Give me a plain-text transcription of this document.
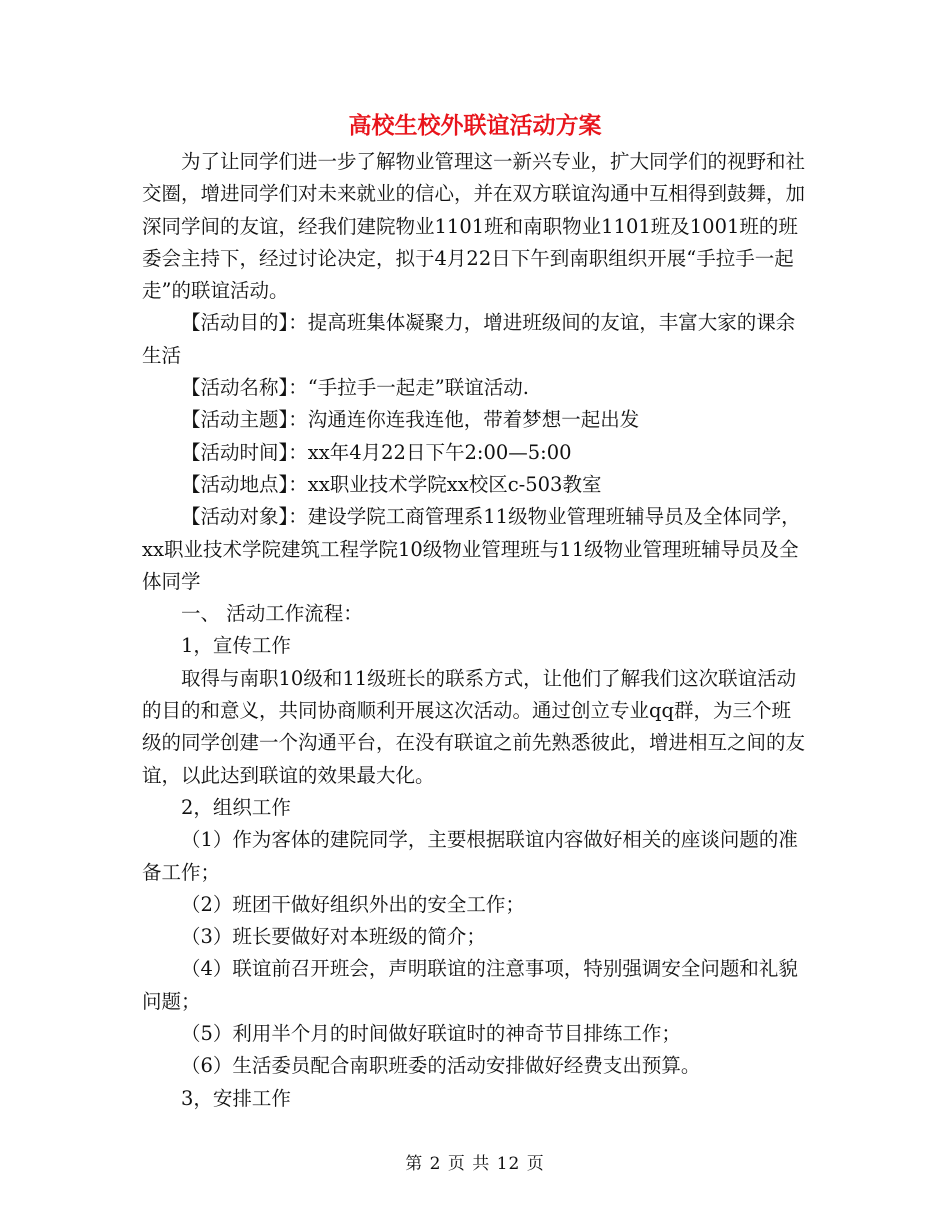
高校生校外联谊活动方案

为了让同学们进一步了解物业管理这一新兴专业，扩大同学们的视野和社交圈，增进同学们对未来就业的信心，并在双方联谊沟通中互相得到鼓舞，加深同学间的友谊，经我们建院物业1101班和南职物业1101班及1001班的班委会主持下，经过讨论决定，拟于4月22日下午到南职组织开展“手拉手一起走”的联谊活动。

【活动目的】：提高班集体凝聚力，增进班级间的友谊，丰富大家的课余生活

【活动名称】：“手拉手一起走”联谊活动.

【活动主题】：沟通连你连我连他，带着梦想一起出发

【活动时间】：xx年4月22日下午2:00—5:00

【活动地点】：xx职业技术学院xx校区c-503教室

【活动对象】：建设学院工商管理系11级物业管理班辅导员及全体同学，xx职业技术学院建筑工程学院10级物业管理班与11级物业管理班辅导员及全体同学

一、 活动工作流程：

1，宣传工作

取得与南职10级和11级班长的联系方式，让他们了解我们这次联谊活动的目的和意义，共同协商顺利开展这次活动。通过创立专业qq群，为三个班级的同学创建一个沟通平台，在没有联谊之前先熟悉彼此，增进相互之间的友谊，以此达到联谊的效果最大化。

2，组织工作

（1）作为客体的建院同学，主要根据联谊内容做好相关的座谈问题的准备工作；

（2）班团干做好组织外出的安全工作；

（3）班长要做好对本班级的简介；

（4）联谊前召开班会，声明联谊的注意事项，特别强调安全问题和礼貌问题；

（5）利用半个月的时间做好联谊时的神奇节目排练工作；

（6）生活委员配合南职班委的活动安排做好经费支出预算。

3，安排工作

第 2 页 共 12 页
